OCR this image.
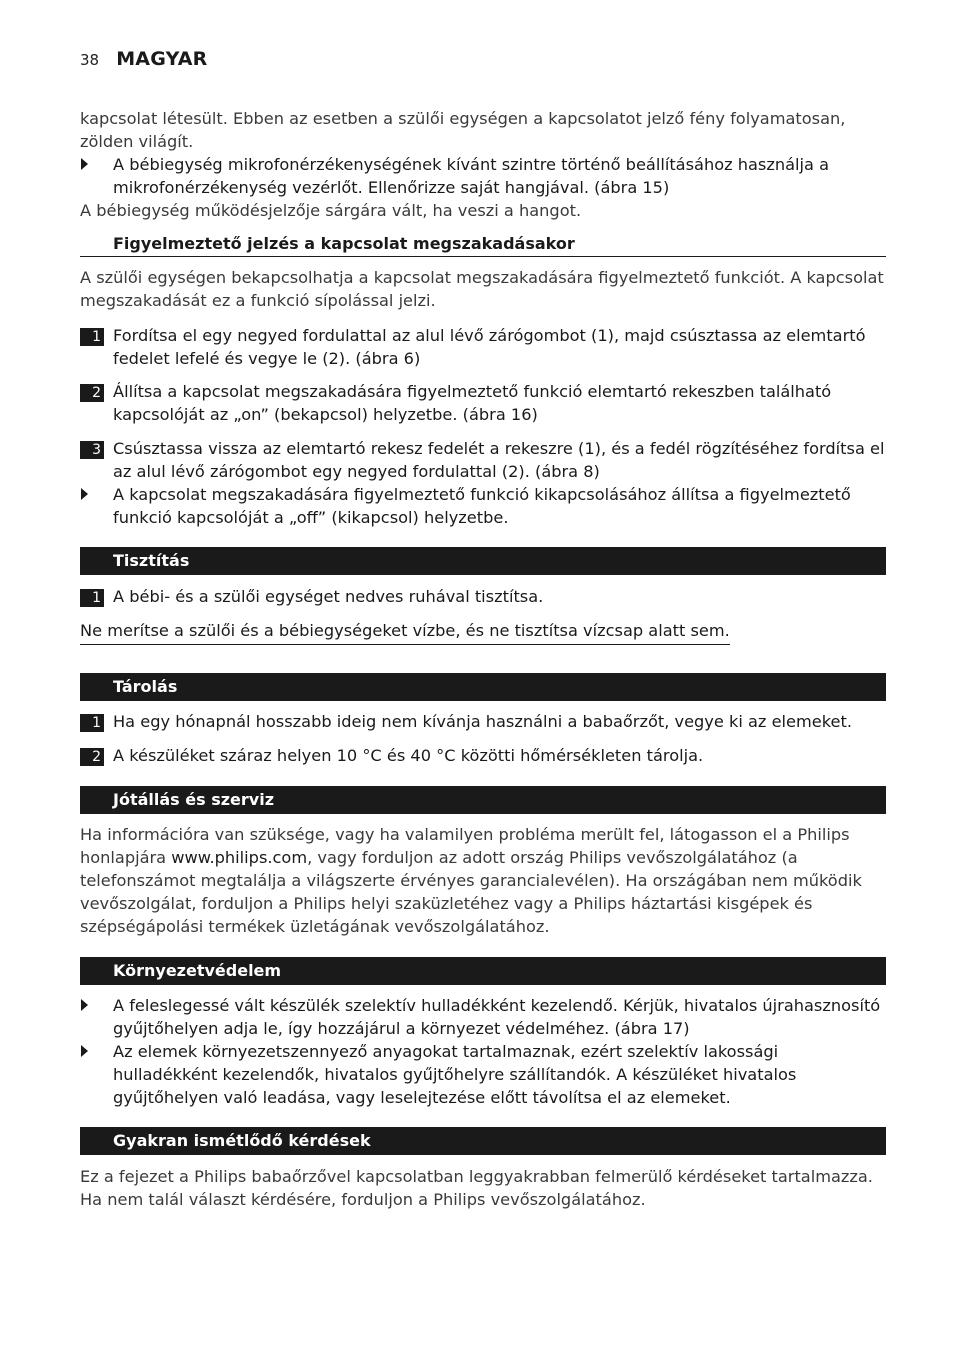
38 MAGYAR
kapcsolat létesült. Ebben az esetben a szülői egységen a kapcsolatot jelző fény folyamatosan, zölden világít.
A bébiegység mikrofonérzékenységének kívánt szintre történő beállításához használja a mikrofonérzékenység vezérlőt. Ellenőrizze saját hangjával. (ábra 15)
A bébiegység működésjelzője sárgára vált, ha veszi a hangot.
Figyelmeztető jelzés a kapcsolat megszakadásakor
A szülői egységen bekapcsolhatja a kapcsolat megszakadására figyelmeztető funkciót. A kapcsolat megszakadását ez a funkció sípolással jelzi.
1 Fordítsa el egy negyed fordulattal az alul lévő zárógombot (1), majd csúsztassa az elemtartó fedelet lefelé és vegye le (2). (ábra 6)
2 Állítsa a kapcsolat megszakadására figyelmeztető funkció elemtartó rekeszben található kapcsolóját az „on” (bekapcsol) helyzetbe. (ábra 16)
3 Csúsztassa vissza az elemtartó rekesz fedelét a rekeszre (1), és a fedél rögzítéséhez fordítsa el az alul lévő zárógombot egy negyed fordulattal (2). (ábra 8)
A kapcsolat megszakadására figyelmeztető funkció kikapcsolásához állítsa a figyelmeztető funkció kapcsolóját a „off” (kikapcsol) helyzetbe.
Tisztítás
1 A bébi- és a szülői egységet nedves ruhával tisztítsa.
Ne merítse a szülői és a bébiegységeket vízbe, és ne tisztítsa vízcsap alatt sem.
Tárolás
1 Ha egy hónapnál hosszabb ideig nem kívánja használni a babaőrzőt, vegye ki az elemeket.
2 A készüléket száraz helyen 10 °C és 40 °C közötti hőmérsékleten tárolja.
Jótállás és szerviz
Ha információra van szüksége, vagy ha valamilyen probléma merült fel, látogasson el a Philips honlapjára www.philips.com, vagy forduljon az adott ország Philips vevőszolgálatához (a telefonszámot megtalálja a világszerte érvényes garancialevélen). Ha országában nem működik vevőszolgálat, forduljon a Philips helyi szaküzletéhez vagy a Philips háztartási kisgépek és szépségápolási termékek üzletágának vevőszolgálatához.
Környezetvédelem
A feleslegessé vált készülék szelektív hulladékként kezelendő. Kérjük, hivatalos újrahasznosító gyűjtőhelyen adja le, így hozzájárul a környezet védelméhez. (ábra 17)
Az elemek környezetszennyező anyagokat tartalmaznak, ezért szelektív lakossági hulladékként kezelendők, hivatalos gyűjtőhelyre szállítandók. A készüléket hivatalos gyűjtőhelyen való leadása, vagy leselejtezése előtt távolítsa el az elemeket.
Gyakran ismétlődő kérdések
Ez a fejezet a Philips babaőrzővel kapcsolatban leggyakrabban felmerülő kérdéseket tartalmazza. Ha nem talál választ kérdésére, forduljon a Philips vevőszolgálatához.
